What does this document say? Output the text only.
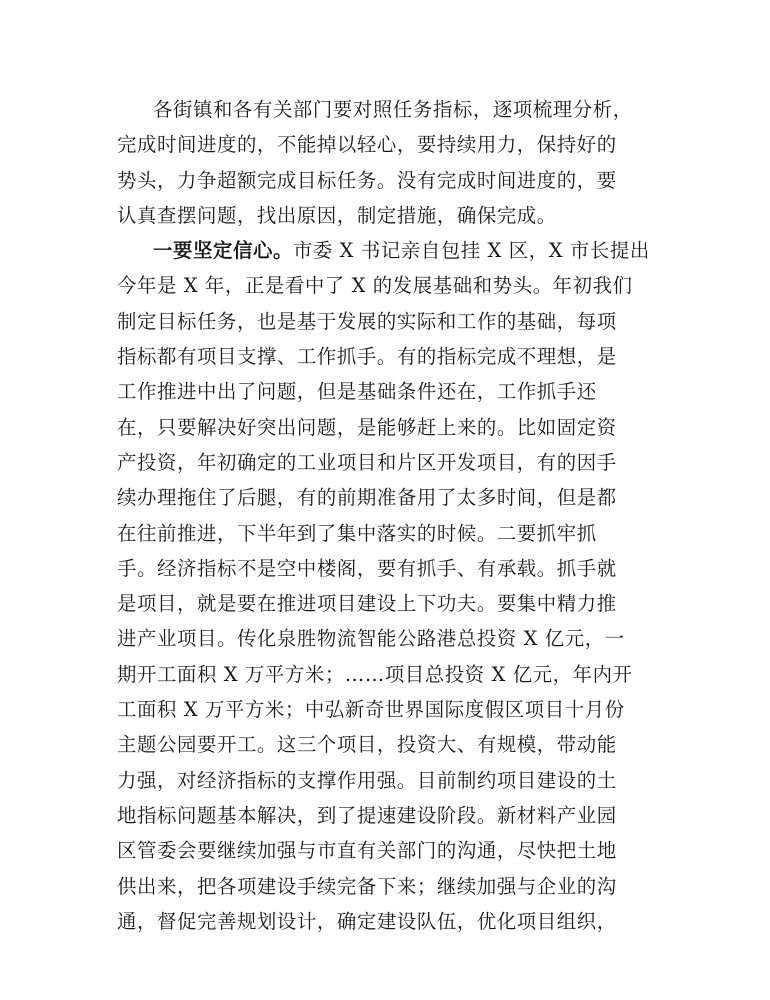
各街镇和各有关部门要对照任务指标，逐项梳理分析，
完成时间进度的，不能掉以轻心，要持续用力，保持好的
势头，力争超额完成目标任务。没有完成时间进度的，要
认真查摆问题，找出原因，制定措施，确保完成。
一要坚定信心。市委 X 书记亲自包挂 X 区，X 市长提出
今年是 X 年，正是看中了 X 的发展基础和势头。年初我们
制定目标任务，也是基于发展的实际和工作的基础，每项
指标都有项目支撑、工作抓手。有的指标完成不理想，是
工作推进中出了问题，但是基础条件还在，工作抓手还
在，只要解决好突出问题，是能够赶上来的。比如固定资
产投资，年初确定的工业项目和片区开发项目，有的因手
续办理拖住了后腿，有的前期准备用了太多时间，但是都
在往前推进，下半年到了集中落实的时候。二要抓牢抓
手。经济指标不是空中楼阁，要有抓手、有承载。抓手就
是项目，就是要在推进项目建设上下功夫。要集中精力推
进产业项目。传化泉胜物流智能公路港总投资 X 亿元，一
期开工面积 X 万平方米；……项目总投资 X 亿元，年内开
工面积 X 万平方米；中弘新奇世界国际度假区项目十月份
主题公园要开工。这三个项目，投资大、有规模，带动能
力强，对经济指标的支撑作用强。目前制约项目建设的土
地指标问题基本解决，到了提速建设阶段。新材料产业园
区管委会要继续加强与市直有关部门的沟通，尽快把土地
供出来，把各项建设手续完备下来；继续加强与企业的沟
通，督促完善规划设计，确定建设队伍，优化项目组织，
